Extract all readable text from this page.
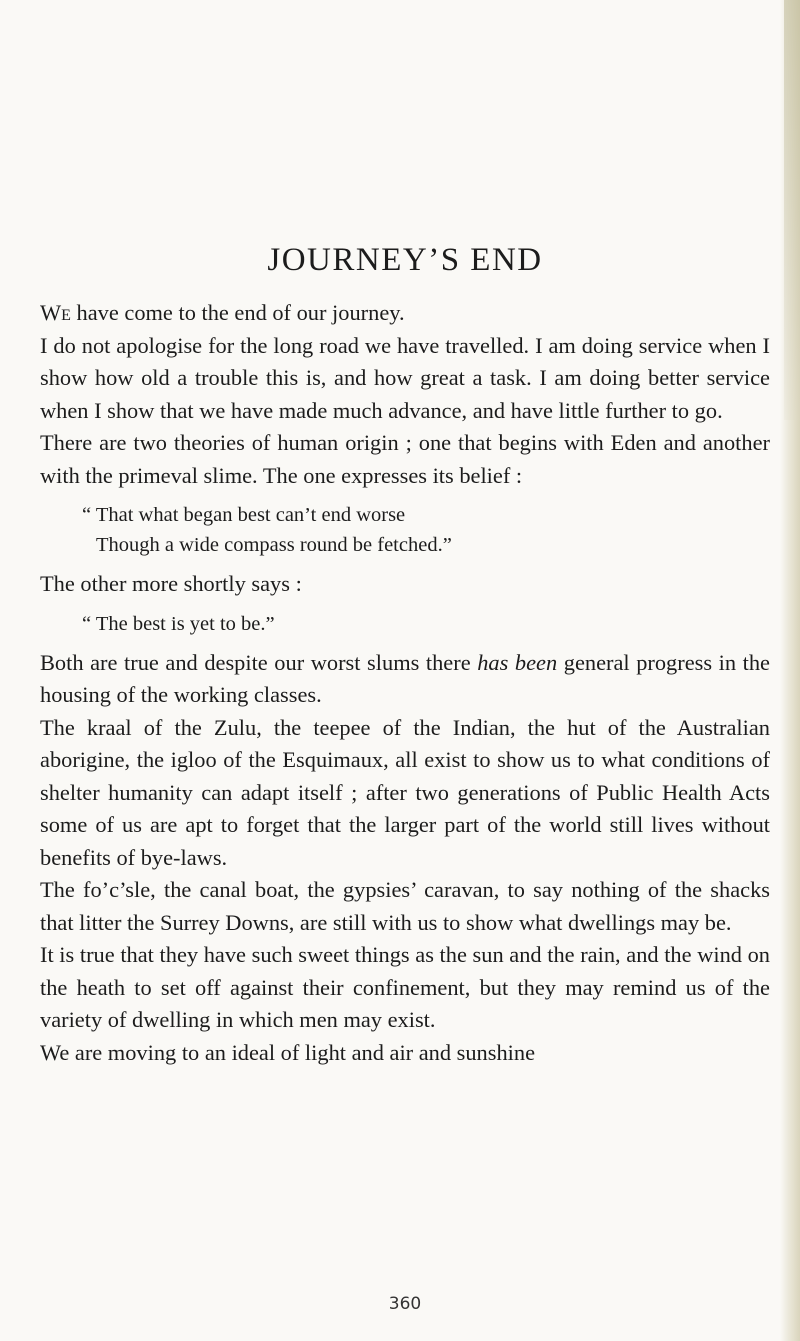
JOURNEY’S END

We have come to the end of our journey.

I do not apologise for the long road we have travelled. I am doing service when I show how old a trouble this is, and how great a task. I am doing better service when I show that we have made much advance, and have little further to go.

There are two theories of human origin ; one that begins with Eden and another with the primeval slime. The one expresses its belief :

“ That what began best can’t end worse
Though a wide compass round be fetched.”

The other more shortly says :

“ The best is yet to be.”

Both are true and despite our worst slums there has been general progress in the housing of the working classes.

The kraal of the Zulu, the teepee of the Indian, the hut of the Australian aborigine, the igloo of the Esquimaux, all exist to show us to what conditions of shelter humanity can adapt itself ; after two generations of Public Health Acts some of us are apt to forget that the larger part of the world still lives without benefits of bye-laws.

The fo’c’sle, the canal boat, the gypsies’ caravan, to say nothing of the shacks that litter the Surrey Downs, are still with us to show what dwellings may be.

It is true that they have such sweet things as the sun and the rain, and the wind on the heath to set off against their confinement, but they may remind us of the variety of dwelling in which men may exist.

We are moving to an ideal of light and air and sunshine

360
